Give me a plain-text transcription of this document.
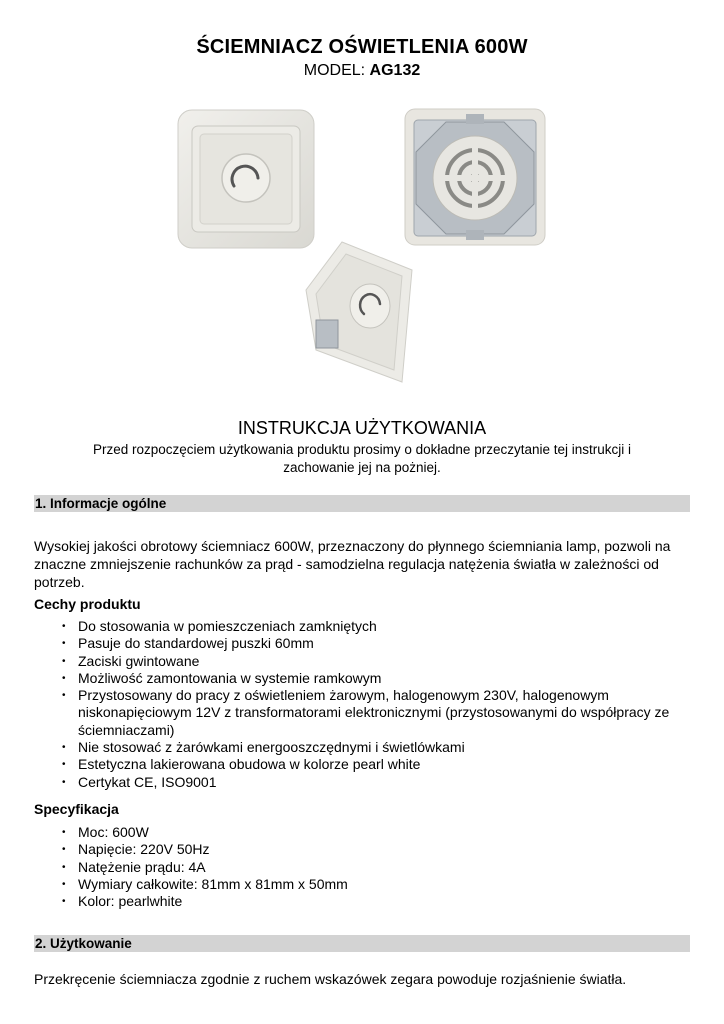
ŚCIEMNIACZ OŚWIETLENIA 600W
MODEL: AG132
INSTRUKCJA UŻYTKOWANIA
Przed rozpoczęciem użytkowania produktu prosimy o dokładne przeczytanie tej instrukcji i
zachowanie jej na pożniej.
1. Informacje ogólne
Wysokiej jakości obrotowy ściemniacz 600W, przeznaczony do płynnego ściemniania lamp, pozwoli na znaczne zmniejszenie rachunków za prąd - samodzielna regulacja natężenia światła w zależności od potrzeb.
Cechy produktu
• Do stosowania w pomieszczeniach zamkniętych
• Pasuje do standardowej puszki 60mm
• Zaciski gwintowane
• Możliwość zamontowania w systemie ramkowym
• Przystosowany do pracy z oświetleniem żarowym, halogenowym 230V, halogenowym niskonapięciowym 12V z transformatorami elektronicznymi (przystosowanymi do współpracy ze ściemniaczami)
• Nie stosować z żarówkami energooszczędnymi i świetlówkami
• Estetyczna lakierowana obudowa w kolorze pearl white
• Certykat CE, ISO9001
Specyfikacja
• Moc: 600W
• Napięcie: 220V 50Hz
• Natężenie prądu: 4A
• Wymiary całkowite: 81mm x 81mm x 50mm
• Kolor: pearlwhite
2. Użytkowanie
Przekręcenie ściemniacza zgodnie z ruchem wskazówek zegara powoduje rozjaśnienie światła.
